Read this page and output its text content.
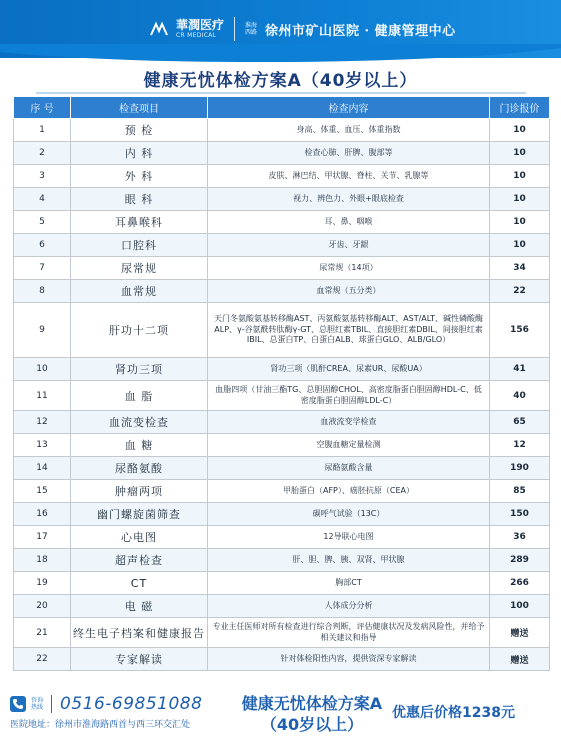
華潤医疗
CR MEDICAL
淮海
西路 徐州市矿山医院 · 健康管理中心
健康无忧体检方案A（40岁以上）
序 号	检查项目	检查内容	门诊报价
1	预 检	身高、体重、血压、体重指数	10
2	内 科	检查心肺、肝脾、腹部等	10
3	外 科	皮肤、淋巴结、甲状腺、脊柱、关节、乳腺等	10
4	眼 科	视力、辨色力、外眼+眼底检查	10
5	耳鼻喉科	耳、鼻、咽喉	10
6	口腔科	牙齿、牙龈	10
7	尿常规	尿常规（14项）	34
8	血常规	血常规（五分类）	22
9	肝功十二项	天门冬氨酸氨基转移酶AST、丙氨酸氨基转移酶ALT、AST/ALT、碱性磷酸酶ALP、γ-谷氨酰转肽酶γ-GT、总胆红素TBIL、直接胆红素DBIL、间接胆红素IBIL、总蛋白TP、白蛋白ALB、球蛋白GLO、ALB/GLO）	156
10	肾功三项	肾功三项（肌酐CREA、尿素UR、尿酸UA）	41
11	血 脂	血脂四项（甘油三酯TG、总胆固醇CHOL、高密度脂蛋白胆固醇HDL-C、低密度脂蛋白胆固醇LDL-C）	40
12	血流变检查	血液流变学检查	65
13	血 糖	空腹血糖定量检测	12
14	尿酪氨酸	尿酪氨酸含量	190
15	肿瘤两项	甲胎蛋白（AFP）、癌胚抗原（CEA）	85
16	幽门螺旋菌筛查	碳呼气试验（13C）	150
17	心电图	12导联心电图	36
18	超声检查	肝、胆、脾、胰、双肾、甲状腺	289
19	CT	胸部CT	266
20	电 磁	人体成分分析	100
21	终生电子档案和健康报告	专业主任医师对所有检查进行综合判断，评估健康状况及发病风险性，并给予相关建议和指导	赠送
22	专家解读	针对体检阳性内容，提供资深专家解读	赠送
咨询
热线 0516-69851088
医院地址：徐州市淮海路西首与西三环交汇处
健康无忧体检方案A
（40岁以上）
优惠后价格1238元
